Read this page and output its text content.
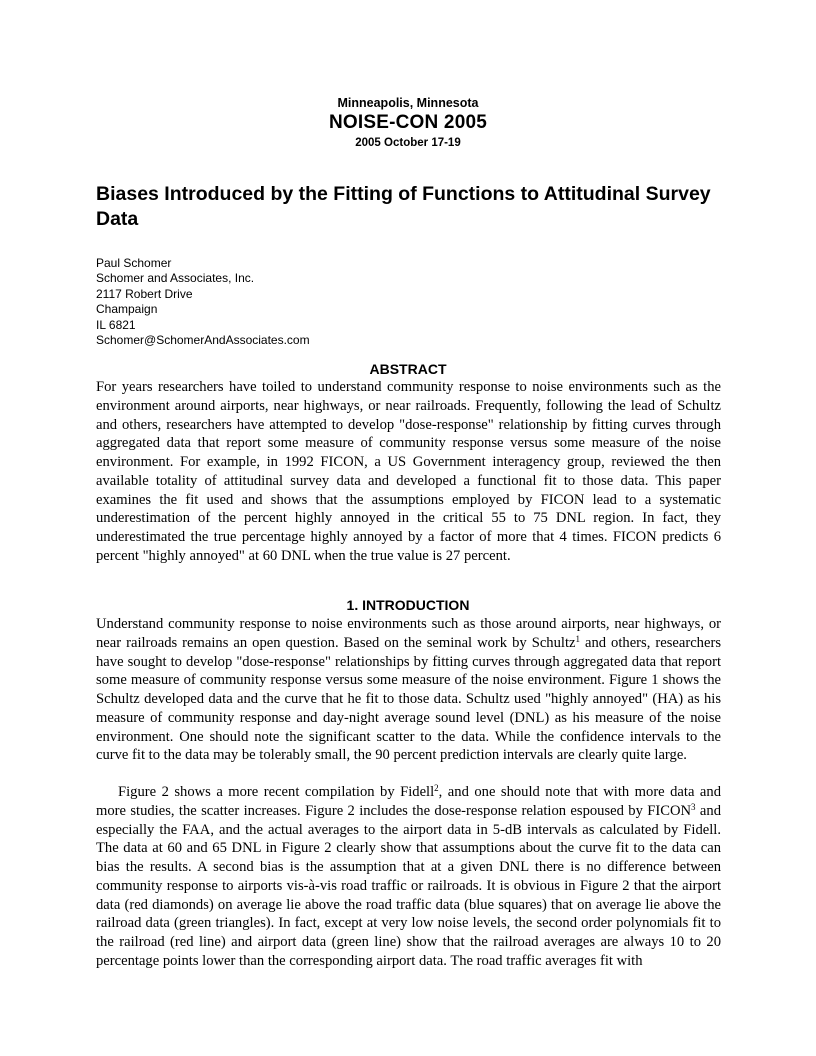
Minneapolis, Minnesota
NOISE-CON 2005
2005 October 17-19
Biases Introduced by the Fitting of Functions to Attitudinal Survey Data
Paul Schomer
Schomer and Associates, Inc.
2117 Robert Drive
Champaign
IL 6821
Schomer@SchomerAndAssociates.com
ABSTRACT
For years researchers have toiled to understand community response to noise environments such as the environment around airports, near highways, or near railroads. Frequently, following the lead of Schultz and others, researchers have attempted to develop "dose-response" relationship by fitting curves through aggregated data that report some measure of community response versus some measure of the noise environment. For example, in 1992 FICON, a US Government interagency group, reviewed the then available totality of attitudinal survey data and developed a functional fit to those data. This paper examines the fit used and shows that the assumptions employed by FICON lead to a systematic underestimation of the percent highly annoyed in the critical 55 to 75 DNL region. In fact, they underestimated the true percentage highly annoyed by a factor of more that 4 times. FICON predicts 6 percent "highly annoyed" at 60 DNL when the true value is 27 percent.
1. INTRODUCTION
Understand community response to noise environments such as those around airports, near highways, or near railroads remains an open question. Based on the seminal work by Schultz$^1$ and others, researchers have sought to develop "dose-response" relationships by fitting curves through aggregated data that report some measure of community response versus some measure of the noise environment. Figure 1 shows the Schultz developed data and the curve that he fit to those data. Schultz used "highly annoyed" (HA) as his measure of community response and day-night average sound level (DNL) as his measure of the noise environment. One should note the significant scatter to the data. While the confidence intervals to the curve fit to the data may be tolerably small, the 90 percent prediction intervals are clearly quite large.
Figure 2 shows a more recent compilation by Fidell$^2$, and one should note that with more data and more studies, the scatter increases. Figure 2 includes the dose-response relation espoused by FICON$^3$ and especially the FAA, and the actual averages to the airport data in 5-dB intervals as calculated by Fidell. The data at 60 and 65 DNL in Figure 2 clearly show that assumptions about the curve fit to the data can bias the results. A second bias is the assumption that at a given DNL there is no difference between community response to airports vis-à-vis road traffic or railroads. It is obvious in Figure 2 that the airport data (red diamonds) on average lie above the road traffic data (blue squares) that on average lie above the railroad data (green triangles). In fact, except at very low noise levels, the second order polynomials fit to the railroad (red line) and airport data (green line) show that the railroad averages are always 10 to 20 percentage points lower than the corresponding airport data. The road traffic averages fit with
